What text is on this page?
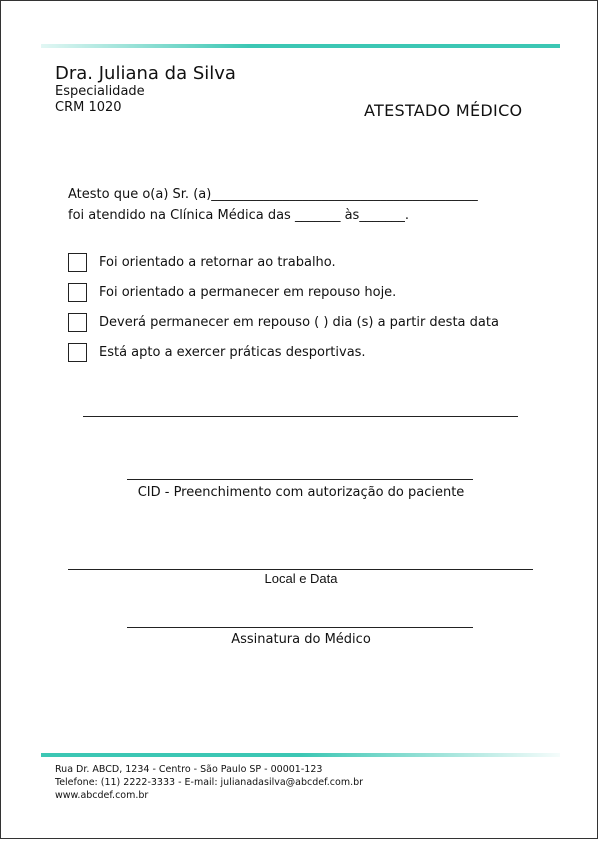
Dra. Juliana da Silva
Especialidade
CRM 1020	ATESTADO MÉDICO
Atesto que o(a) Sr. (a)_________________________________________
foi atendido na Clínica Médica das _______ às_______.
Foi orientado a retornar ao trabalho.
Foi orientado a permanecer em repouso hoje.
Deverá permanecer em repouso ( ) dia (s) a partir desta data
Está apto a exercer práticas desportivas.
CID - Preenchimento com autorização do paciente
Local e Data
Assinatura do Médico
Rua Dr. ABCD, 1234 - Centro - São Paulo SP - 00001-123
Telefone: (11) 2222-3333 - E-mail: julianadasilva@abcdef.com.br
www.abcdef.com.br
